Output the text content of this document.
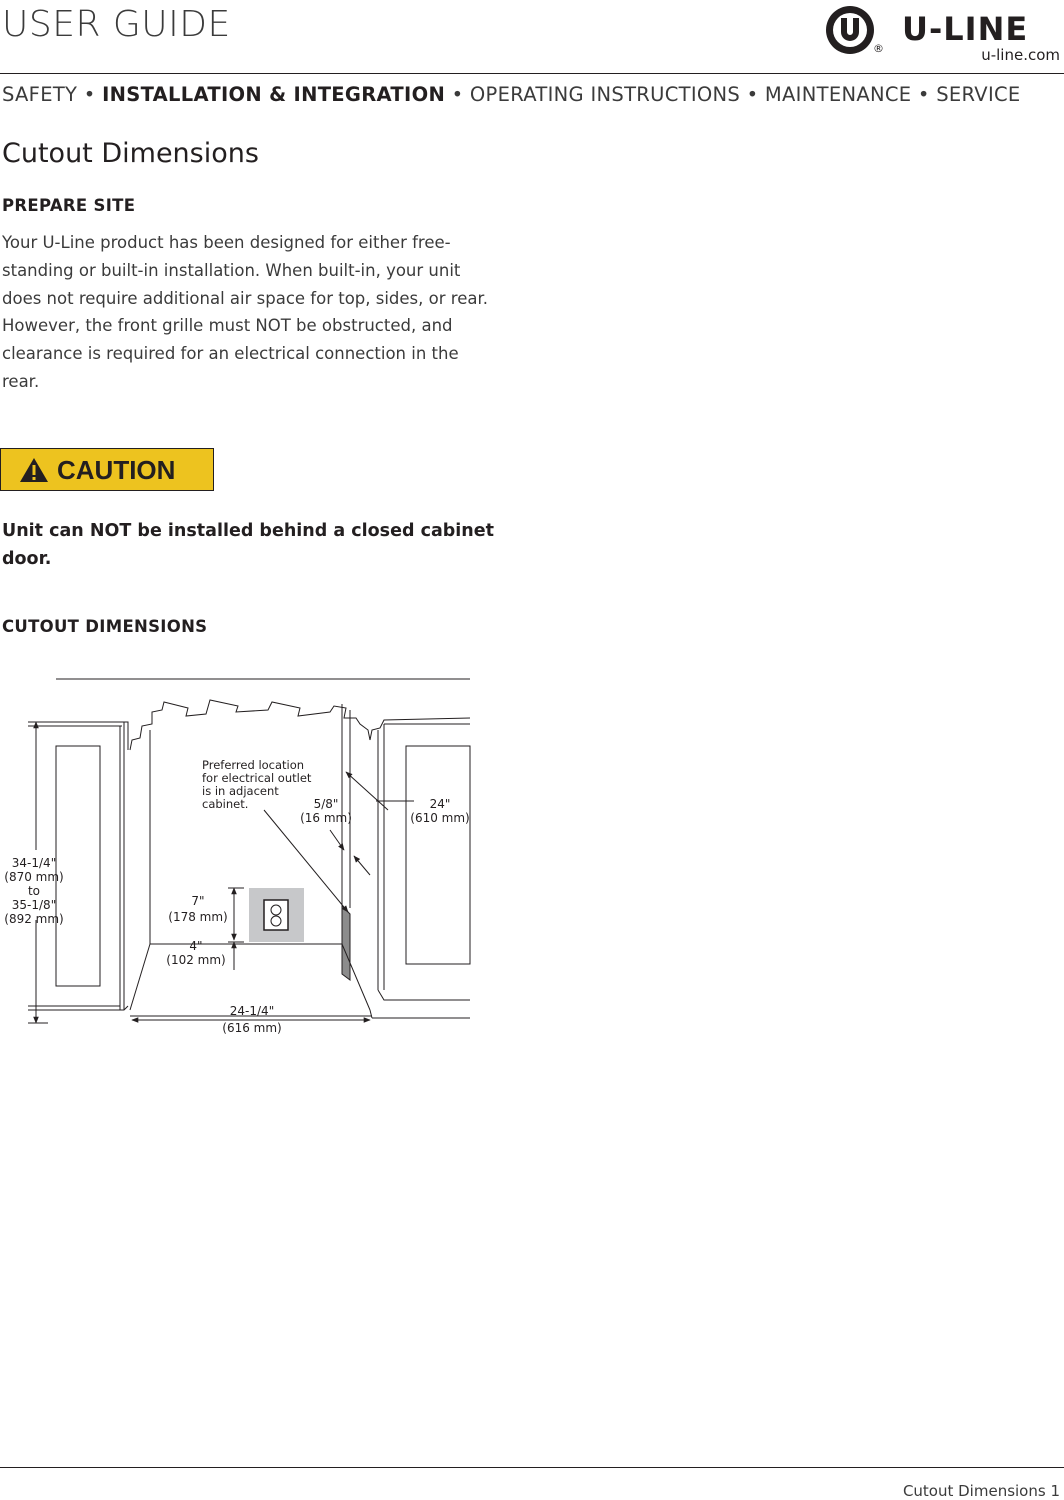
USER GUIDE
®
U-LINE
u-line.com
SAFETY • INSTALLATION & INTEGRATION • OPERATING INSTRUCTIONS • MAINTENANCE • SERVICE
Cutout Dimensions
PREPARE SITE
Your U-Line product has been designed for either free-standing or built-in installation. When built-in, your unit does not require additional air space for top, sides, or rear. However, the front grille must NOT be obstructed, and clearance is required for an electrical connection in the rear.
CAUTION
Unit can NOT be installed behind a closed cabinet door.
CUTOUT DIMENSIONS
Preferred location
for electrical outlet
is in adjacent
cabinet.
34-1/4"
(870 mm)
to
35-1/8"
(892 mm)
5/8"
(16 mm)
24"
(610 mm)
7"
(178 mm)
4"
(102 mm)
24-1/4"
(616 mm)
Cutout Dimensions 1
